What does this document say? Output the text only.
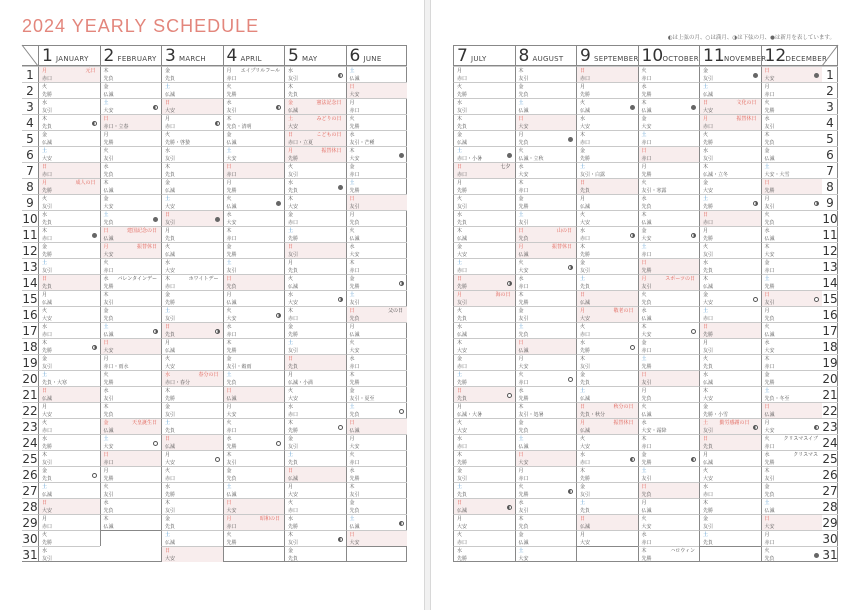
2024 YEARLY SCHEDULE
1
2
3
4
5
6
7
8
9
10
11
12
13
14
15
16
17
18
19
20
21
22
23
24
25
26
27
28
29
30
31
1 JANUARY
月
赤口
元日
火
先勝
水
友引
木
先負
金
仏滅
土
大安
日
赤口
月
先勝
成人の日
火
友引
水
先負
木
赤口
金
先勝
土
友引
日
先負
月
仏滅
火
大安
水
赤口
木
先勝
金
友引
土
先負・大寒
日
仏滅
月
大安
火
赤口
水
先勝
木
友引
金
先負
土
仏滅
日
大安
月
赤口
火
先勝
水
友引
2 FEBRUARY
木
先負
金
仏滅
土
大安
日
赤口・立春
月
先勝
火
友引
水
先負
木
仏滅
金
大安
土
先負
日
仏滅
建国記念の日
月
大安
振替休日
火
赤口
水
先勝
バレンタインデー
木
友引
金
先負
土
仏滅
日
大安
月
赤口・雨水
火
先勝
水
友引
木
先負
金
仏滅
天皇誕生日
土
大安
日
赤口
月
先勝
火
友引
水
先負
木
仏滅
3 MARCH
金
先負
土
仏滅
日
大安
月
赤口
火
先勝・啓蟄
水
友引
木
先負
金
仏滅
土
大安
日
友引
月
先負
火
仏滅
水
大安
木
赤口
ホワイトデー
金
先勝
土
友引
日
先負
月
仏滅
火
大安
水
赤口・春分
春分の日
木
先勝
金
友引
土
先負
日
仏滅
月
大安
火
赤口
水
先勝
木
友引
金
先負
土
仏滅
日
大安
4 APRIL
月
赤口
エイプリルフール
火
先勝
水
友引
木
先負・清明
金
仏滅
土
大安
日
赤口
月
先勝
火
仏滅
水
大安
木
赤口
金
先勝
土
友引
日
先負
月
仏滅
火
大安
水
赤口
木
先勝
金
友引・穀雨
土
先負
日
仏滅
月
大安
火
赤口
水
先勝
木
友引
金
先負
土
仏滅
日
大安
月
赤口
昭和の日
火
先勝
5 MAY
水
友引
木
先負
金
仏滅
憲法記念日
土
大安
みどりの日
日
赤口・立夏
こどもの日
月
先勝
振替休日
火
友引
水
先負
木
大安
金
赤口
土
先勝
日
友引
月
先負
火
仏滅
水
大安
木
赤口
金
先勝
土
友引
日
先負
月
仏滅・小満
火
大安
水
赤口
木
先勝
金
友引
土
先負
日
仏滅
月
大安
火
赤口
水
先勝
木
友引
金
先負
6 JUNE
土
仏滅
日
大安
月
赤口
火
先勝
水
友引・芒種
木
大安
金
赤口
土
先勝
日
友引
月
先負
火
仏滅
水
大安
木
赤口
金
先勝
土
友引
日
先負
父の日
月
仏滅
火
大安
水
赤口
木
先勝
金
友引・夏至
土
先負
日
仏滅
月
大安
火
赤口
水
先勝
木
友引
金
先負
土
仏滅
日
大安
◐は上弦の月、○は満月、◑は下弦の月、●は新月を表しています。
1
2
3
4
5
6
7
8
9
10
11
12
13
14
15
16
17
18
19
20
21
22
23
24
25
26
27
28
29
30
31
7 JULY
月
赤口
火
先勝
水
友引
木
先負
金
仏滅
土
赤口・小暑
日
赤口
七夕
月
先勝
火
友引
水
先負
木
仏滅
金
大安
土
赤口
日
先勝
月
友引
海の日
火
先負
水
仏滅
木
大安
金
赤口
土
先勝
日
先負
月
仏滅・大暑
火
大安
水
赤口
木
先勝
金
友引
土
先負
日
仏滅
月
大安
火
赤口
水
先勝
8 AUGUST
木
友引
金
先負
土
仏滅
日
大安
月
先負
火
仏滅・立秋
水
大安
木
赤口
金
先勝
土
友引
日
先負
山の日
月
仏滅
振替休日
火
大安
水
赤口
木
先勝
金
友引
土
先負
日
仏滅
月
大安
火
赤口
水
先勝
木
友引・処暑
金
先負
土
仏滅
日
大安
月
赤口
火
先勝
水
友引
木
先負
金
仏滅
土
大安
9 SEPTEMBER
日
赤口
月
先勝
火
仏滅
水
大安
木
赤口
金
先勝
土
友引・白露
日
先負
月
仏滅
火
大安
水
赤口
木
先勝
金
友引
土
先負
日
仏滅
月
大安
敬老の日
火
赤口
水
先勝
木
友引
金
先負
土
仏滅
日
先負・秋分
秋分の日
月
仏滅
振替休日
火
大安
水
赤口
木
先勝
金
友引
土
先負
日
仏滅
月
大安
10 OCTOBER
火
赤口
水
先勝
木
仏滅
金
大安
土
赤口
日
赤口
月
先勝
火
友引・寒露
水
先負
木
仏滅
金
大安
土
赤口
日
先勝
月
友引
スポーツの日
火
先負
水
仏滅
木
大安
金
赤口
土
先勝
日
友引
月
先負
火
仏滅
水
大安・霜降
木
赤口
金
先勝
土
友引
日
先負
月
仏滅
火
大安
水
赤口
木
先勝
ハロウィン
11 NOVEMBER
金
友引
土
仏滅
日
大安
文化の日
月
赤口
振替休日
火
先勝
水
友引
木
仏滅・立冬
金
大安
土
先勝
日
赤口
月
先勝
火
友引
水
先負
木
仏滅
金
大安
土
赤口
日
先勝
月
友引
火
先負
水
仏滅
木
大安
金
先勝・小雪
土
友引
勤労感謝の日
日
先負
月
仏滅
火
大安
水
赤口
木
先勝
金
友引
土
先負
12 DECEMBER
日
大安
月
赤口
火
先勝
水
友引
木
先負
金
仏滅
土
大安・大雪
日
先勝
月
友引
火
先負
水
仏滅
木
大安
金
赤口
土
先勝
日
友引
月
先負
火
仏滅
水
大安
木
赤口
金
先勝
土
先負・冬至
日
仏滅
月
大安
火
赤口
クリスマスイブ
水
先勝
クリスマス
木
友引
金
先負
土
仏滅
日
大安
月
赤口
火
先負
